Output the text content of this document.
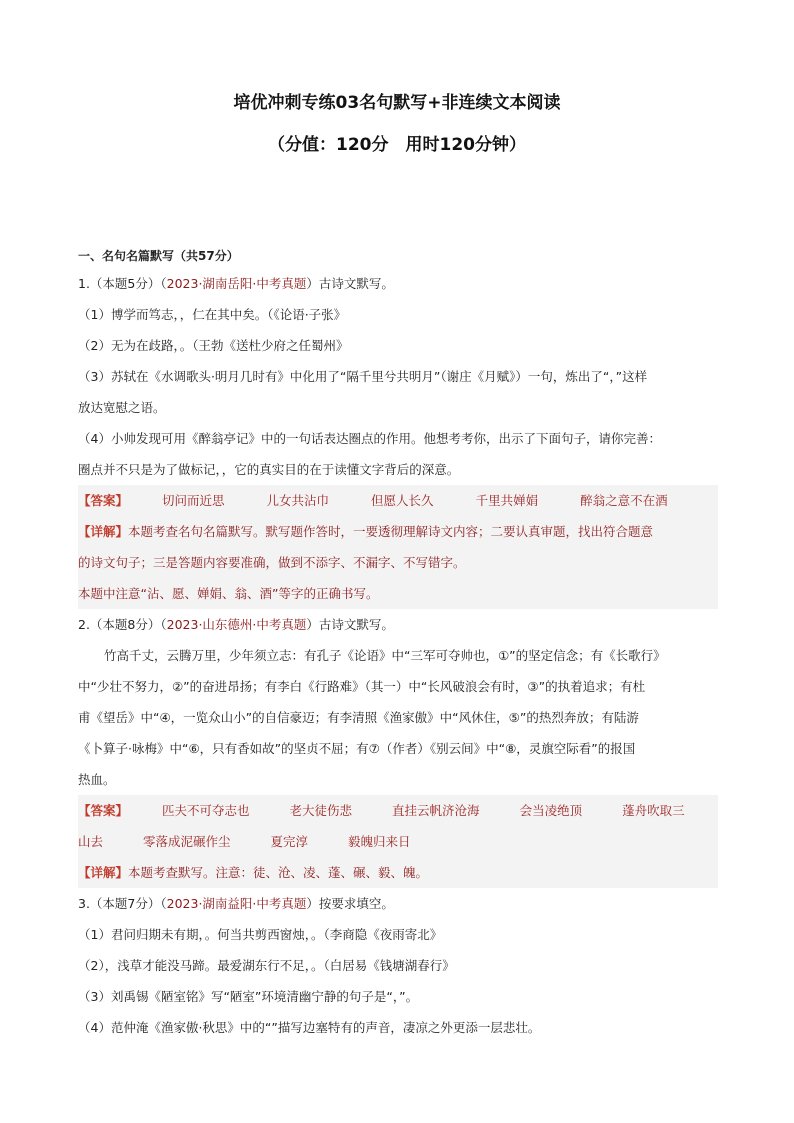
培优冲刺专练03名句默写+非连续文本阅读
（分值：120分　用时120分钟）
一、名句名篇默写（共57分）
1.（本题5分）（2023·湖南岳阳·中考真题）古诗文默写。
（1）博学而笃志，，仁在其中矣。（《论语·子张》
（2）无为在歧路，。（王勃《送杜少府之任蜀州》
（3）苏轼在《水调歌头·明月几时有》中化用了“隔千里兮共明月”（谢庄《月赋》）一句，炼出了“，”这样
放达宽慰之语。
（4）小帅发现可用《醉翁亭记》中的一句话表达圈点的作用。他想考考你，出示了下面句子，请你完善：
圈点并不只是为了做标记，，它的真实目的在于读懂文字背后的深意。
【答案】	切问而近思	儿女共沾巾	但愿人长久	千里共婵娟	醉翁之意不在酒
【详解】本题考查名句名篇默写。默写题作答时，一要透彻理解诗文内容；二要认真审题，找出符合题意
的诗文句子；三是答题内容要准确，做到不添字、不漏字、不写错字。
本题中注意“沾、愿、婵娟、翁、酒”等字的正确书写。
2.（本题8分）（2023·山东德州·中考真题）古诗文默写。
竹高千丈，云腾万里，少年须立志：有孔子《论语》中“三军可夺帅也，①”的坚定信念；有《长歌行》
中“少壮不努力，②”的奋进昂扬；有李白《行路难》（其一）中“长风破浪会有时，③”的执着追求；有杜
甫《望岳》中“④，一览众山小”的自信豪迈；有李清照《渔家傲》中“风休住，⑤”的热烈奔放；有陆游
《卜算子·咏梅》中“⑥，只有香如故”的坚贞不屈；有⑦（作者）《别云间》中“⑧，灵旗空际看”的报国
热血。
【答案】	匹夫不可夺志也	老大徒伤悲	直挂云帆济沧海	会当凌绝顶	蓬舟吹取三
山去	零落成泥碾作尘	夏完淳	毅魄归来日
【详解】本题考查默写。注意：徒、沧、凌、蓬、碾、毅、魄。
3.（本题7分）（2023·湖南益阳·中考真题）按要求填空。
（1）君问归期未有期，。何当共剪西窗烛，。（李商隐《夜雨寄北》
（2），浅草才能没马蹄。最爱湖东行不足，。（白居易《钱塘湖春行》
（3）刘禹锡《陋室铭》写“陋室”环境清幽宁静的句子是“，”。
（4）范仲淹《渔家傲·秋思》中的“”描写边塞特有的声音，凄凉之外更添一层悲壮。
